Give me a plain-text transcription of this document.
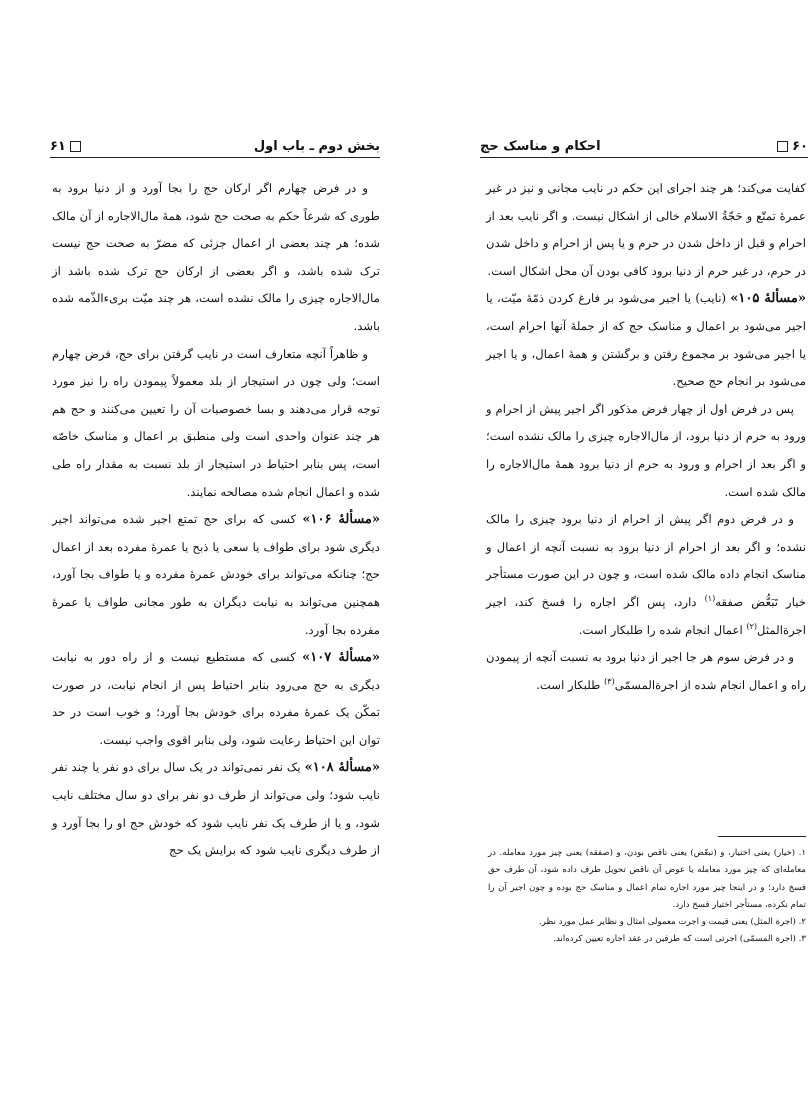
بخش دوم ـ باب اول
۶۱

و در فرض چهارم اگر ارکان حج را بجا آورد و از دنیا برود به طوری که شرعاً حکم به صحت حج شود، همهٔ مال‌الاجاره از آن مالک شده؛ هر چند بعضی از اعمال جزئی که مضرّ به صحت حج نیست ترک شده باشد، و اگر بعضی از ارکان حج ترک شده باشد از مال‌الاجاره چیزی را مالک نشده است، هر چند میّت بریء‌الذّمه شده باشد.

و ظاهراً آنچه متعارف است در نایب گرفتن برای حج، فرض چهارم است؛ ولی چون در استیجار از بلد معمولاً پیمودن راه را نیز مورد توجه قرار می‌دهند و بسا خصوصیات آن را تعیین می‌کنند و حج هم هر چند عنوان واحدی است ولی منطبق بر اعمال و مناسک خاصّه است، پس بنابر احتیاط در استیجار از بلد نسبت به مقدار راه طی شده و اعمال انجام شده مصالحه نمایند.

«مسألهٔ ۱۰۶» کسی که برای حج تمتع اجیر شده می‌تواند اجیر دیگری شود برای طواف یا سعی یا ذبح یا عمرهٔ مفرده بعد از اعمال حج؛ چنانکه می‌تواند برای خودش عمرهٔ مفرده و یا طواف بجا آورد، همچنین می‌تواند به نیابت دیگران به طور مجانی طواف یا عمرهٔ مفرده بجا آورد.

«مسألهٔ ۱۰۷» کسی که مستطیع نیست و از راه دور به نیابت دیگری به حج می‌رود بنابر احتیاط پس از انجام نیابت، در صورت تمکّن یک عمرهٔ مفرده برای خودش بجا آورد؛ و خوب است در حد توان این احتیاط رعایت شود، ولی بنابر اقوی واجب نیست.

«مسألهٔ ۱۰۸» یک نفر نمی‌تواند در یک سال برای دو نفر یا چند نفر نایب شود؛ ولی می‌تواند از طرف دو نفر برای دو سال مختلف نایب شود، و یا از طرف یک نفر نایب شود که خودش حج او را بجا آورد و از طرف دیگری نایب شود که برایش یک حج

۶۰
احکام و مناسک حج

کفایت می‌کند؛ هر چند اجرای این حکم در نایب مجانی و نیز در غیر عمرهٔ تمتّع و حَجّةُ الاسلام خالی از اشکال نیست. و اگر نایب بعد از احرام و قبل از داخل شدن در حرم و یا پس از احرام و داخل شدن در حرم، در غیر حرم از دنیا برود کافی بودن آن محل اشکال است.

«مسألهٔ ۱۰۵» (نایب) یا اجیر می‌شود بر فارغ کردن ذمّهٔ میّت، یا اجیر می‌شود بر اعمال و مناسک حج که از جملهٔ آنها احرام است، یا اجیر می‌شود بر مجموع رفتن و برگشتن و همهٔ اعمال، و یا اجیر می‌شود بر انجام حج صحیح.

پس در فرض اول از چهار فرض مذکور اگر اجیر پیش از احرام و ورود به حرم از دنیا برود، از مال‌الاجاره چیزی را مالک نشده است؛ و اگر بعد از احرام و ورود به حرم از دنیا برود همهٔ مال‌الاجاره را مالک شده است.

و در فرض دوم اگر پیش از احرام از دنیا برود چیزی را مالک نشده؛ و اگر بعد از احرام از دنیا برود به نسبت آنچه از اعمال و مناسک انجام داده مالک شده است، و چون در این صورت مستأجر خیار تَبَعُّض صفقه$^{(۱)}$ دارد، پس اگر اجاره را فسخ کند، اجیر اجرةالمثل$^{(۲)}$ اعمال انجام شده را طلبکار است.

و در فرض سوم هر جا اجیر از دنیا برود به نسبت آنچه از پیمودن راه و اعمال انجام شده از اجرةالمسمّی$^{(۳)}$ طلبکار است.

۱. (خیار) یعنی اختیار، و (تبعّض) یعنی ناقص بودن، و (صفقه) یعنی چیز مورد معامله. در معامله‌ای که چیز مورد معامله یا عوض آن ناقص تحویل طرف داده شود، آن طرف حق فسخ دارد؛ و در اینجا چیز مورد اجاره تمام اعمال و مناسک حج بوده و چون اجیر آن را تمام نکرده، مستأجر اختیار فسخ دارد.

۲. (اجرة المثل) یعنی قیمت و اجرت معمولی امثال و نظایر عمل مورد نظر.

۳. (اجرة المسمّی) اجرتی است که طرفین در عقد اجاره تعیین کرده‌اند.
